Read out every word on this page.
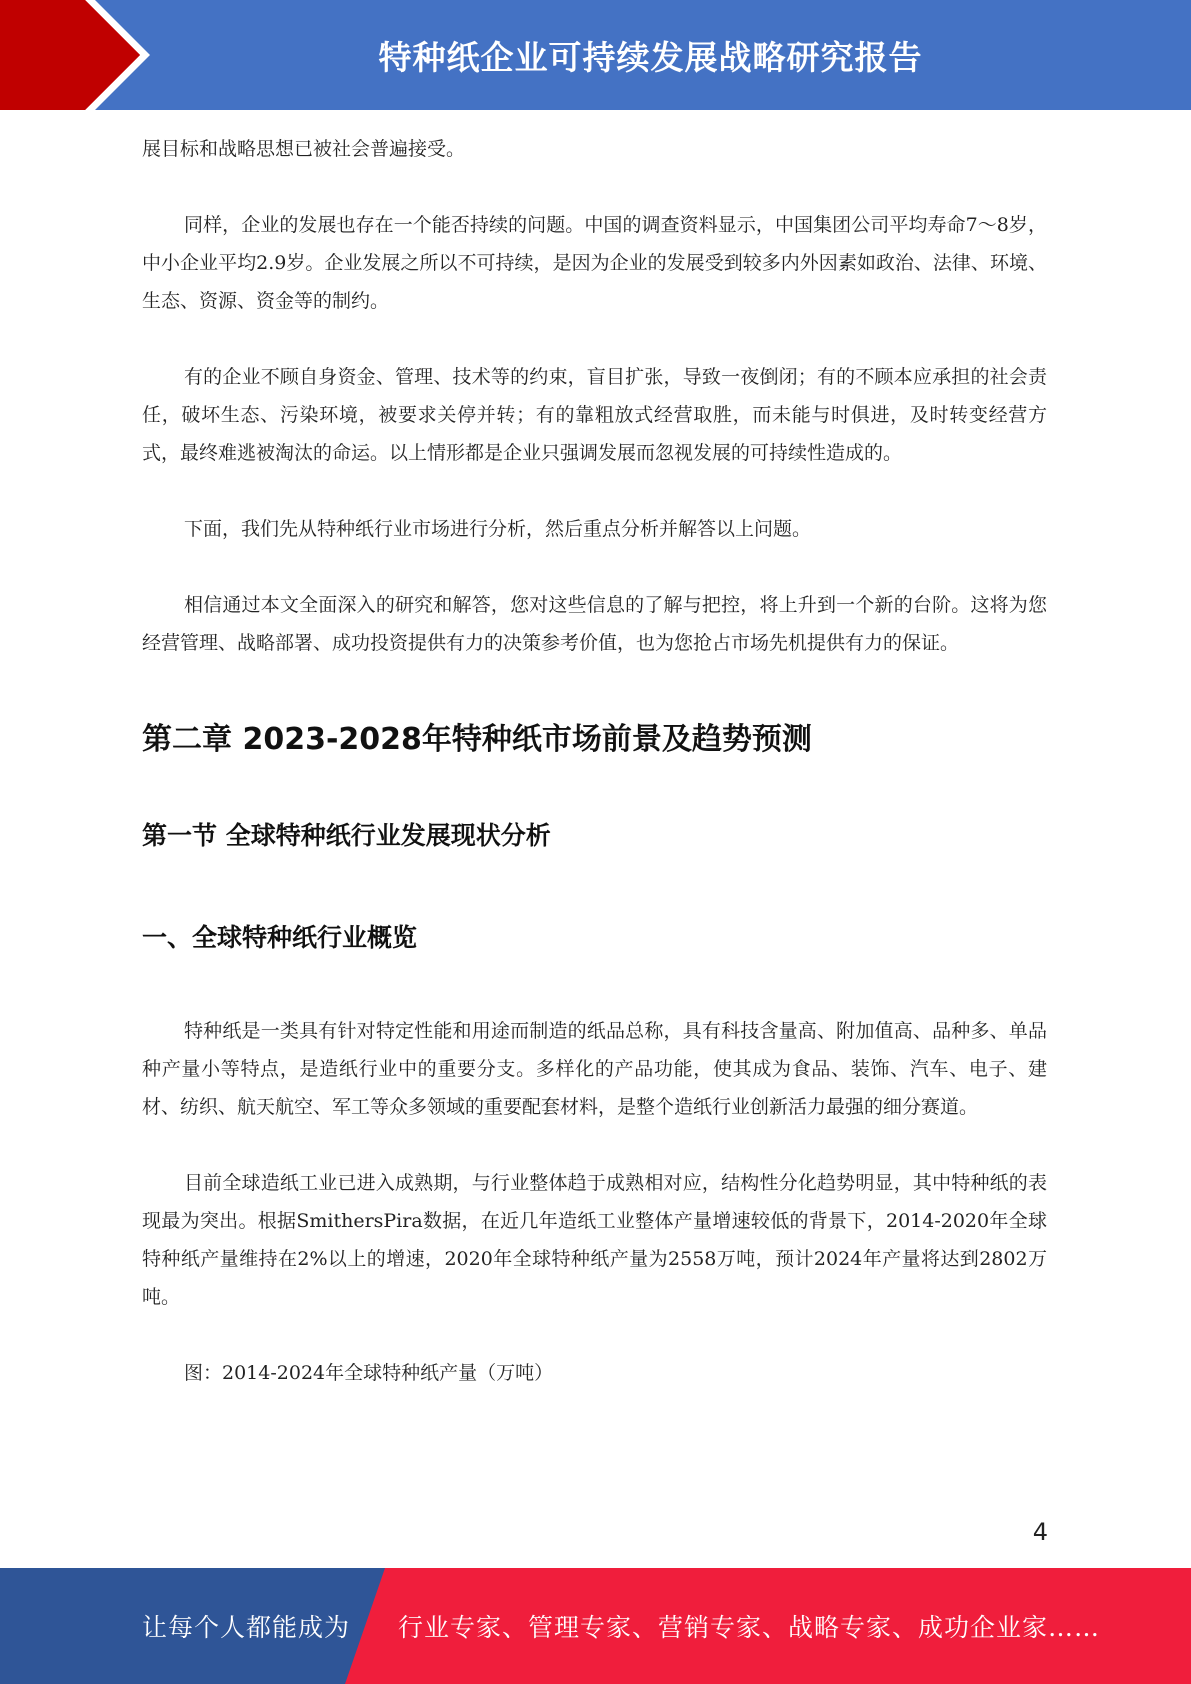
特种纸企业可持续发展战略研究报告

展目标和战略思想已被社会普遍接受。

同样，企业的发展也存在一个能否持续的问题。中国的调查资料显示，中国集团公司平均寿命7～8岁，中小企业平均2.9岁。企业发展之所以不可持续，是因为企业的发展受到较多内外因素如政治、法律、环境、生态、资源、资金等的制约。

有的企业不顾自身资金、管理、技术等的约束，盲目扩张，导致一夜倒闭；有的不顾本应承担的社会责任，破坏生态、污染环境，被要求关停并转；有的靠粗放式经营取胜，而未能与时俱进，及时转变经营方式，最终难逃被淘汰的命运。以上情形都是企业只强调发展而忽视发展的可持续性造成的。

下面，我们先从特种纸行业市场进行分析，然后重点分析并解答以上问题。

相信通过本文全面深入的研究和解答，您对这些信息的了解与把控，将上升到一个新的台阶。这将为您经营管理、战略部署、成功投资提供有力的决策参考价值，也为您抢占市场先机提供有力的保证。

第二章 2023-2028年特种纸市场前景及趋势预测
第一节 全球特种纸行业发展现状分析
一、全球特种纸行业概览

特种纸是一类具有针对特定性能和用途而制造的纸品总称，具有科技含量高、附加值高、品种多、单品种产量小等特点，是造纸行业中的重要分支。多样化的产品功能，使其成为食品、装饰、汽车、电子、建材、纺织、航天航空、军工等众多领域的重要配套材料，是整个造纸行业创新活力最强的细分赛道。

目前全球造纸工业已进入成熟期，与行业整体趋于成熟相对应，结构性分化趋势明显，其中特种纸的表现最为突出。根据SmithersPira数据，在近几年造纸工业整体产量增速较低的背景下，2014-2020年全球特种纸产量维持在2%以上的增速，2020年全球特种纸产量为2558万吨，预计2024年产量将达到2802万吨。

图：2014-2024年全球特种纸产量（万吨）

4
让每个人都能成为 行业专家、管理专家、营销专家、战略专家、成功企业家……
